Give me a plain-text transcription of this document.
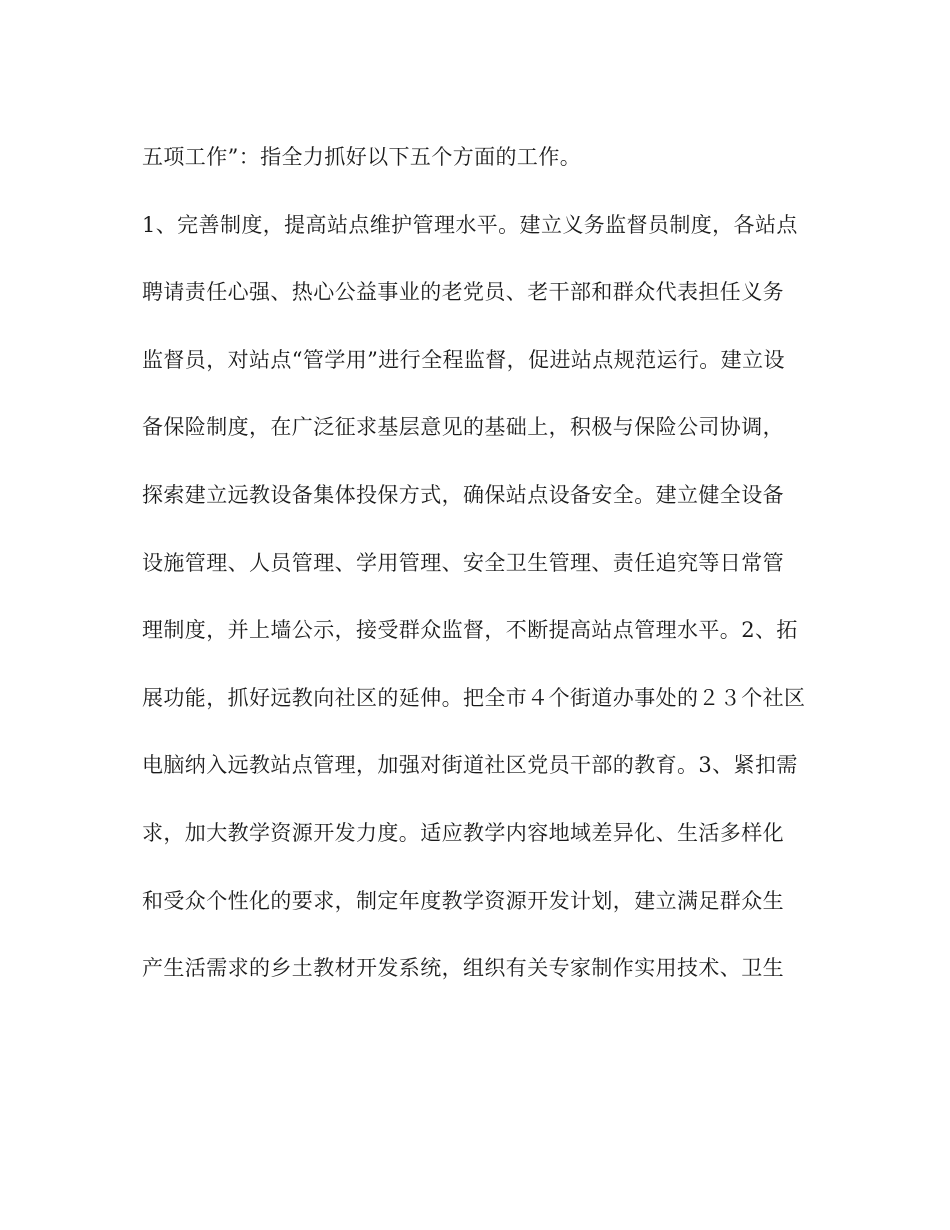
五项工作”：指全力抓好以下五个方面的工作。
1、完善制度，提高站点维护管理水平。建立义务监督员制度，各站点
聘请责任心强、热心公益事业的老党员、老干部和群众代表担任义务
监督员，对站点“管学用”进行全程监督，促进站点规范运行。建立设
备保险制度，在广泛征求基层意见的基础上，积极与保险公司协调，
探索建立远教设备集体投保方式，确保站点设备安全。建立健全设备
设施管理、人员管理、学用管理、安全卫生管理、责任追究等日常管
理制度，并上墙公示，接受群众监督，不断提高站点管理水平。2、拓
展功能，抓好远教向社区的延伸。把全市４个街道办事处的２３个社区
电脑纳入远教站点管理，加强对街道社区党员干部的教育。3、紧扣需
求，加大教学资源开发力度。适应教学内容地域差异化、生活多样化
和受众个性化的要求，制定年度教学资源开发计划，建立满足群众生
产生活需求的乡土教材开发系统，组织有关专家制作实用技术、卫生
